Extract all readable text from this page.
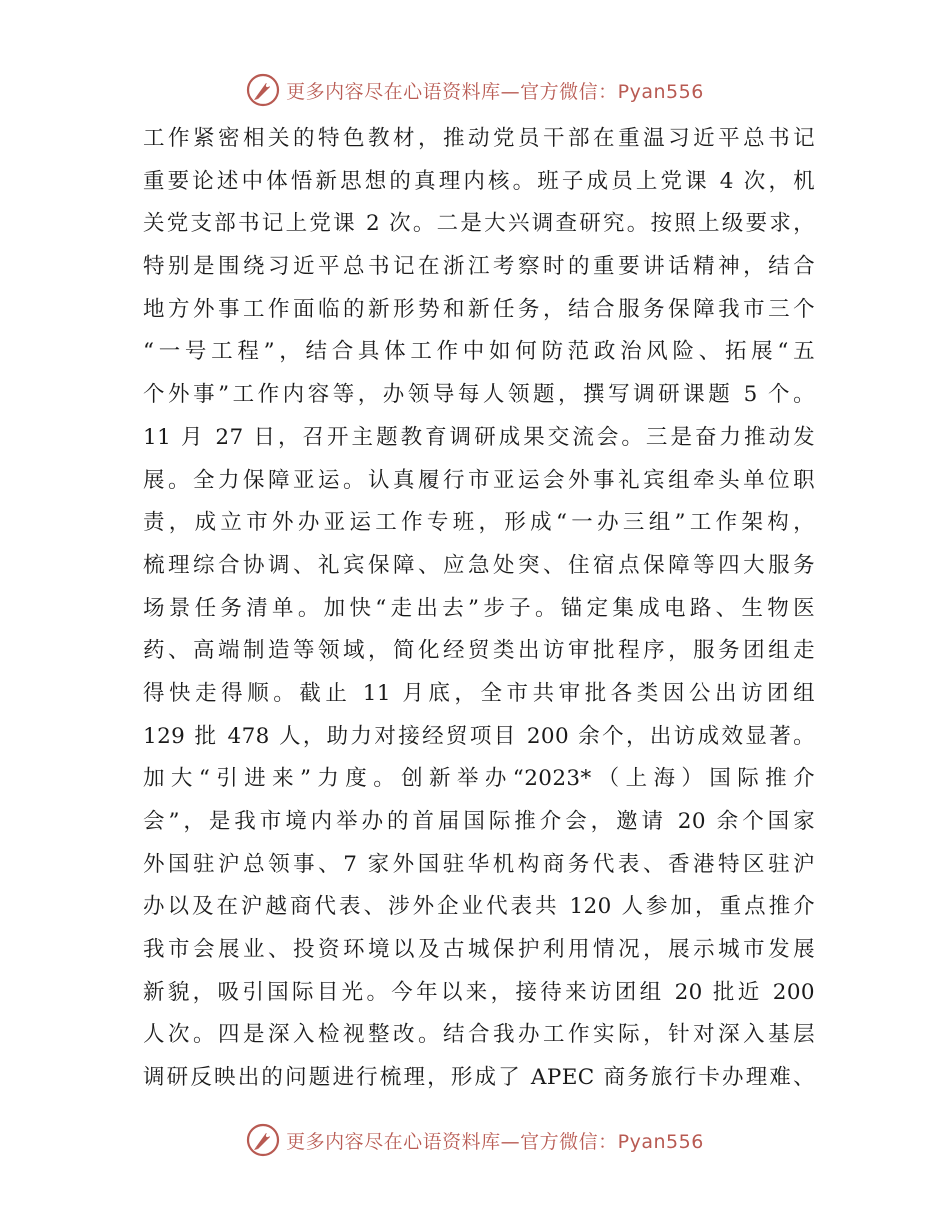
更多内容尽在心语资料库—官方微信：Pyan556
工作紧密相关的特色教材，推动党员干部在重温习近平总书记
重要论述中体悟新思想的真理内核。班子成员上党课 4 次，机
关党支部书记上党课 2 次。二是大兴调查研究。按照上级要求，
特别是围绕习近平总书记在浙江考察时的重要讲话精神，结合
地方外事工作面临的新形势和新任务，结合服务保障我市三个
“一号工程”，结合具体工作中如何防范政治风险、拓展“五
个外事”工作内容等，办领导每人领题，撰写调研课题 5 个。
11 月 27 日，召开主题教育调研成果交流会。三是奋力推动发
展。全力保障亚运。认真履行市亚运会外事礼宾组牵头单位职
责，成立市外办亚运工作专班，形成“一办三组”工作架构，
梳理综合协调、礼宾保障、应急处突、住宿点保障等四大服务
场景任务清单。加快“走出去”步子。锚定集成电路、生物医
药、高端制造等领域，简化经贸类出访审批程序，服务团组走
得快走得顺。截止 11 月底，全市共审批各类因公出访团组
129 批 478 人，助力对接经贸项目 200 余个，出访成效显著。
加大“引进来”力度。创新举办“2023*（上海）国际推介
会”，是我市境内举办的首届国际推介会，邀请 20 余个国家
外国驻沪总领事、7 家外国驻华机构商务代表、香港特区驻沪
办以及在沪越商代表、涉外企业代表共 120 人参加，重点推介
我市会展业、投资环境以及古城保护利用情况，展示城市发展
新貌，吸引国际目光。今年以来，接待来访团组 20 批近 200
人次。四是深入检视整改。结合我办工作实际，针对深入基层
调研反映出的问题进行梳理，形成了 APEC 商务旅行卡办理难、
更多内容尽在心语资料库—官方微信：Pyan556
